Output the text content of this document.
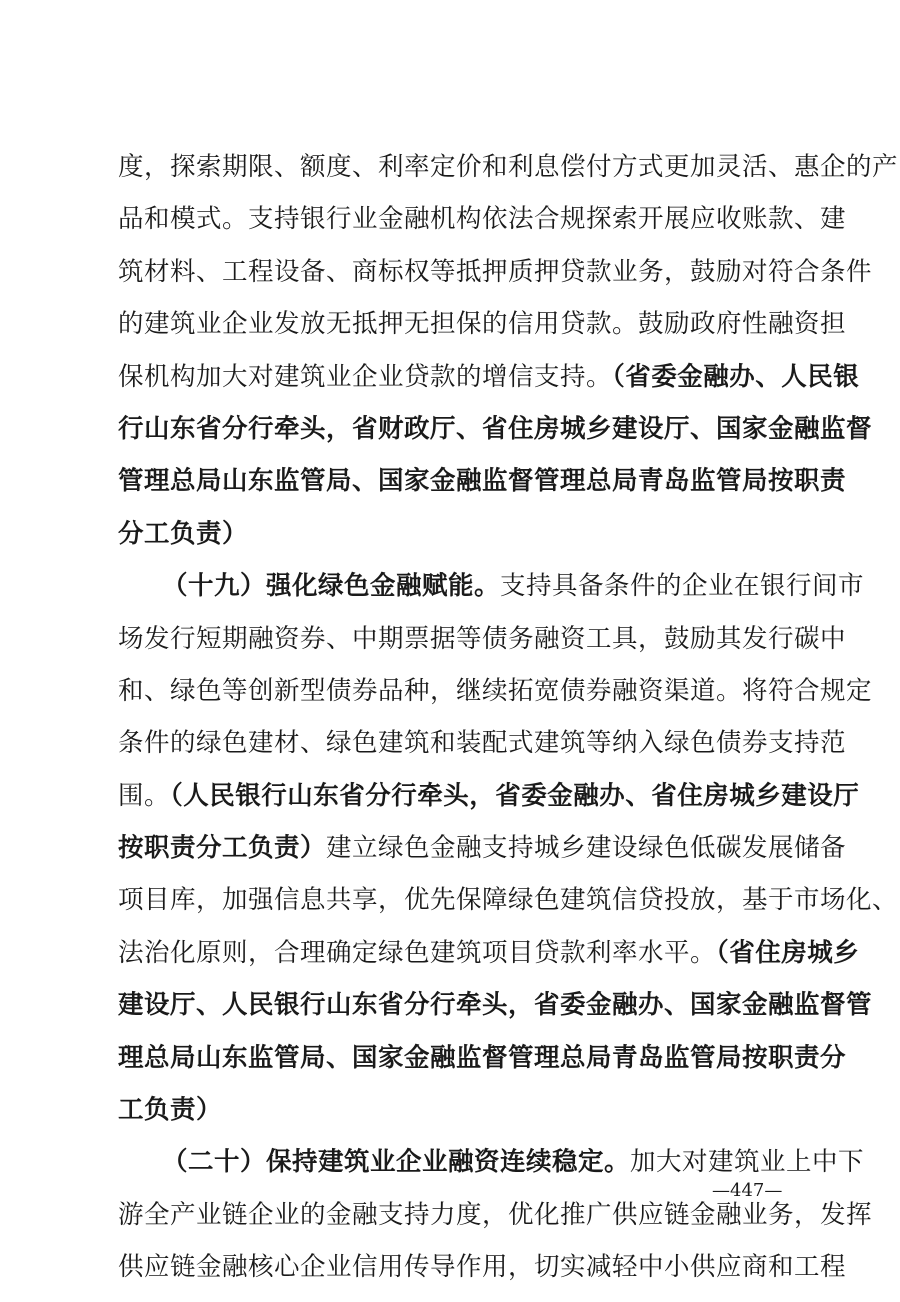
度，探索期限、额度、利率定价和利息偿付方式更加灵活、惠企的产
品和模式。支持银行业金融机构依法合规探索开展应收账款、建
筑材料、工程设备、商标权等抵押质押贷款业务，鼓励对符合条件
的建筑业企业发放无抵押无担保的信用贷款。鼓励政府性融资担
保机构加大对建筑业企业贷款的增信支持。（省委金融办、人民银
行山东省分行牵头，省财政厅、省住房城乡建设厅、国家金融监督
管理总局山东监管局、国家金融监督管理总局青岛监管局按职责
分工负责）
（十九）强化绿色金融赋能。支持具备条件的企业在银行间市
场发行短期融资券、中期票据等债务融资工具，鼓励其发行碳中
和、绿色等创新型债券品种，继续拓宽债券融资渠道。将符合规定
条件的绿色建材、绿色建筑和装配式建筑等纳入绿色债券支持范
围。（人民银行山东省分行牵头，省委金融办、省住房城乡建设厅
按职责分工负责）建立绿色金融支持城乡建设绿色低碳发展储备
项目库，加强信息共享，优先保障绿色建筑信贷投放，基于市场化、
法治化原则，合理确定绿色建筑项目贷款利率水平。（省住房城乡
建设厅、人民银行山东省分行牵头，省委金融办、国家金融监督管
理总局山东监管局、国家金融监督管理总局青岛监管局按职责分
工负责）
（二十）保持建筑业企业融资连续稳定。加大对建筑业上中下
游全产业链企业的金融支持力度，优化推广供应链金融业务，发挥
供应链金融核心企业信用传导作用，切实减轻中小供应商和工程
—447—
